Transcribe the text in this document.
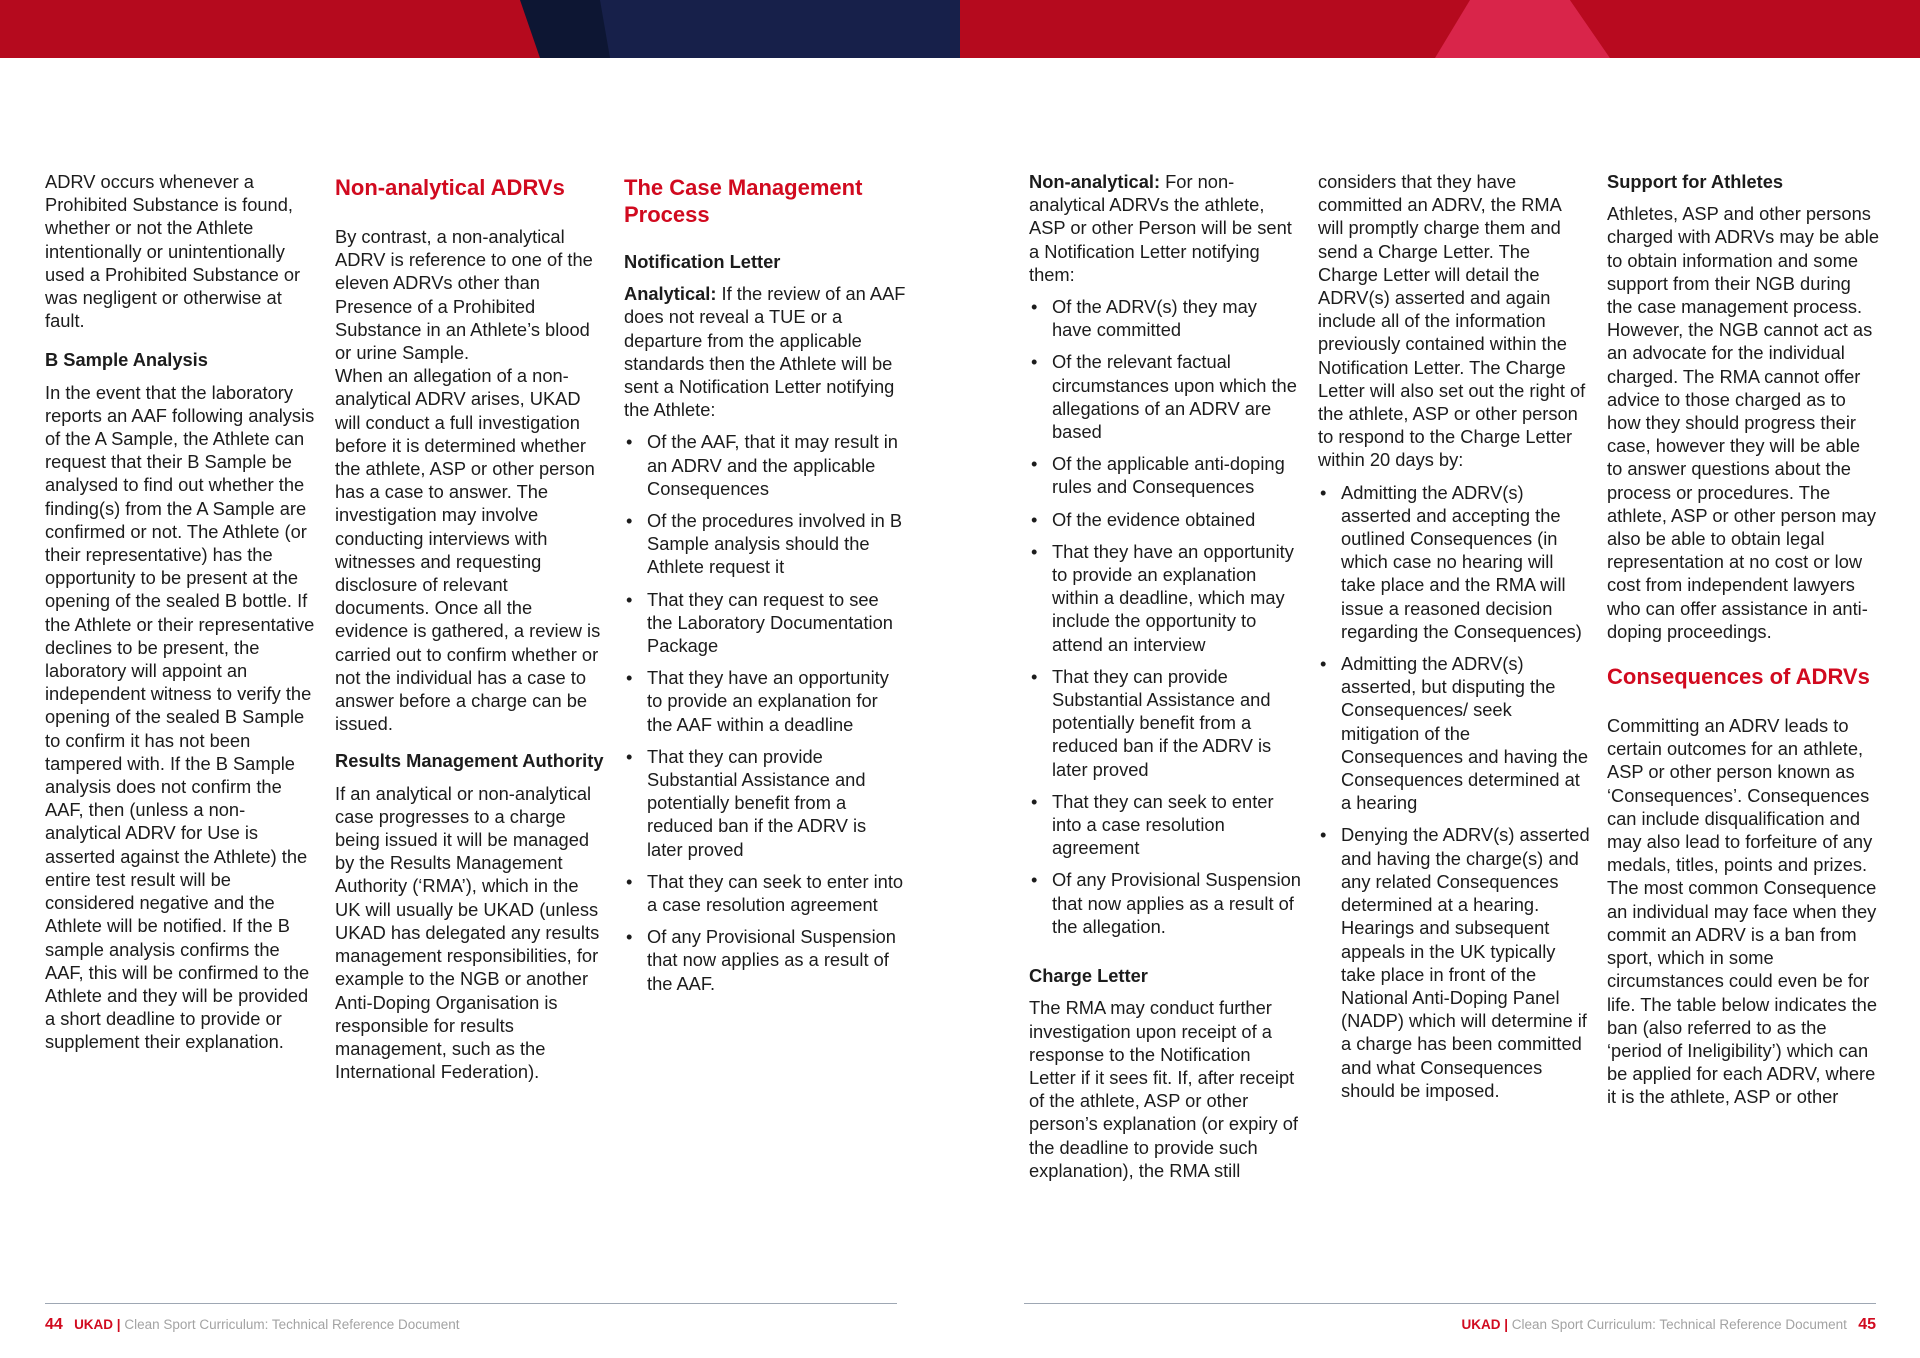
ADRV occurs whenever a Prohibited Substance is found, whether or not the Athlete intentionally or unintentionally used a Prohibited Substance or was negligent or otherwise at fault.

B Sample Analysis

In the event that the laboratory reports an AAF following analysis of the A Sample, the Athlete can request that their B Sample be analysed to find out whether the finding(s) from the A Sample are confirmed or not. The Athlete (or their representative) has the opportunity to be present at the opening of the sealed B bottle. If the Athlete or their representative declines to be present, the laboratory will appoint an independent witness to verify the opening of the sealed B Sample to confirm it has not been tampered with. If the B Sample analysis does not confirm the AAF, then (unless a non-analytical ADRV for Use is asserted against the Athlete) the entire test result will be considered negative and the Athlete will be notified. If the B sample analysis confirms the AAF, this will be confirmed to the Athlete and they will be provided a short deadline to provide or supplement their explanation.

Non-analytical ADRVs

By contrast, a non-analytical ADRV is reference to one of the eleven ADRVs other than Presence of a Prohibited Substance in an Athlete’s blood or urine Sample.

When an allegation of a non-analytical ADRV arises, UKAD will conduct a full investigation before it is determined whether the athlete, ASP or other person has a case to answer. The investigation may involve conducting interviews with witnesses and requesting disclosure of relevant documents. Once all the evidence is gathered, a review is carried out to confirm whether or not the individual has a case to answer before a charge can be issued.

Results Management Authority

If an analytical or non-analytical case progresses to a charge being issued it will be managed by the Results Management Authority (‘RMA’), which in the UK will usually be UKAD (unless UKAD has delegated any results management responsibilities, for example to the NGB or another Anti-Doping Organisation is responsible for results management, such as the International Federation).

The Case Management Process
Notification Letter

Analytical: If the review of an AAF does not reveal a TUE or a departure from the applicable standards then the Athlete will be sent a Notification Letter notifying the Athlete:

• Of the AAF, that it may result in an ADRV and the applicable Consequences
• Of the procedures involved in B Sample analysis should the Athlete request it
• That they can request to see the Laboratory Documentation Package
• That they have an opportunity to provide an explanation for the AAF within a deadline
• That they can provide Substantial Assistance and potentially benefit from a reduced ban if the ADRV is later proved
• That they can seek to enter into a case resolution agreement
• Of any Provisional Suspension that now applies as a result of the AAF.

Non-analytical: For non-analytical ADRVs the athlete, ASP or other Person will be sent a Notification Letter notifying them:

• Of the ADRV(s) they may have committed
• Of the relevant factual circumstances upon which the allegations of an ADRV are based
• Of the applicable anti-doping rules and Consequences
• Of the evidence obtained
• That they have an opportunity to provide an explanation within a deadline, which may include the opportunity to attend an interview
• That they can provide Substantial Assistance and potentially benefit from a reduced ban if the ADRV is later proved
• That they can seek to enter into a case resolution agreement
• Of any Provisional Suspension that now applies as a result of the allegation.
Charge Letter

The RMA may conduct further investigation upon receipt of a response to the Notification Letter if it sees fit. If, after receipt of the athlete, ASP or other person’s explanation (or expiry of the deadline to provide such explanation), the RMA still

considers that they have committed an ADRV, the RMA will promptly charge them and send a Charge Letter. The Charge Letter will detail the ADRV(s) asserted and again include all of the information previously contained within the Notification Letter. The Charge Letter will also set out the right of the athlete, ASP or other person to respond to the Charge Letter within 20 days by:

• Admitting the ADRV(s) asserted and accepting the outlined Consequences (in which case no hearing will take place and the RMA will issue a reasoned decision regarding the Consequences)
• Admitting the ADRV(s) asserted, but disputing the Consequences/ seek mitigation of the Consequences and having the Consequences determined at a hearing
• Denying the ADRV(s) asserted and having the charge(s) and any related Consequences determined at a hearing. Hearings and subsequent appeals in the UK typically take place in front of the National Anti-Doping Panel (NADP) which will determine if a charge has been committed and what Consequences should be imposed.
Support for Athletes

Athletes, ASP and other persons charged with ADRVs may be able to obtain information and some support from their NGB during the case management process. However, the NGB cannot act as an advocate for the individual charged. The RMA cannot offer advice to those charged as to how they should progress their case, however they will be able to answer questions about the process or procedures. The athlete, ASP or other person may also be able to obtain legal representation at no cost or low cost from independent lawyers who can offer assistance in anti-doping proceedings.

Consequences of ADRVs

Committing an ADRV leads to certain outcomes for an athlete, ASP or other person known as ‘Consequences’. Consequences can include disqualification and may also lead to forfeiture of any medals, titles, points and prizes. The most common Consequence an individual may face when they commit an ADRV is a ban from sport, which in some circumstances could even be for life. The table below indicates the ban (also referred to as the ‘period of Ineligibility’) which can be applied for each ADRV, where it is the athlete, ASP or other

44 UKAD | Clean Sport Curriculum: Technical Reference Document	UKAD | Clean Sport Curriculum: Technical Reference Document 45
